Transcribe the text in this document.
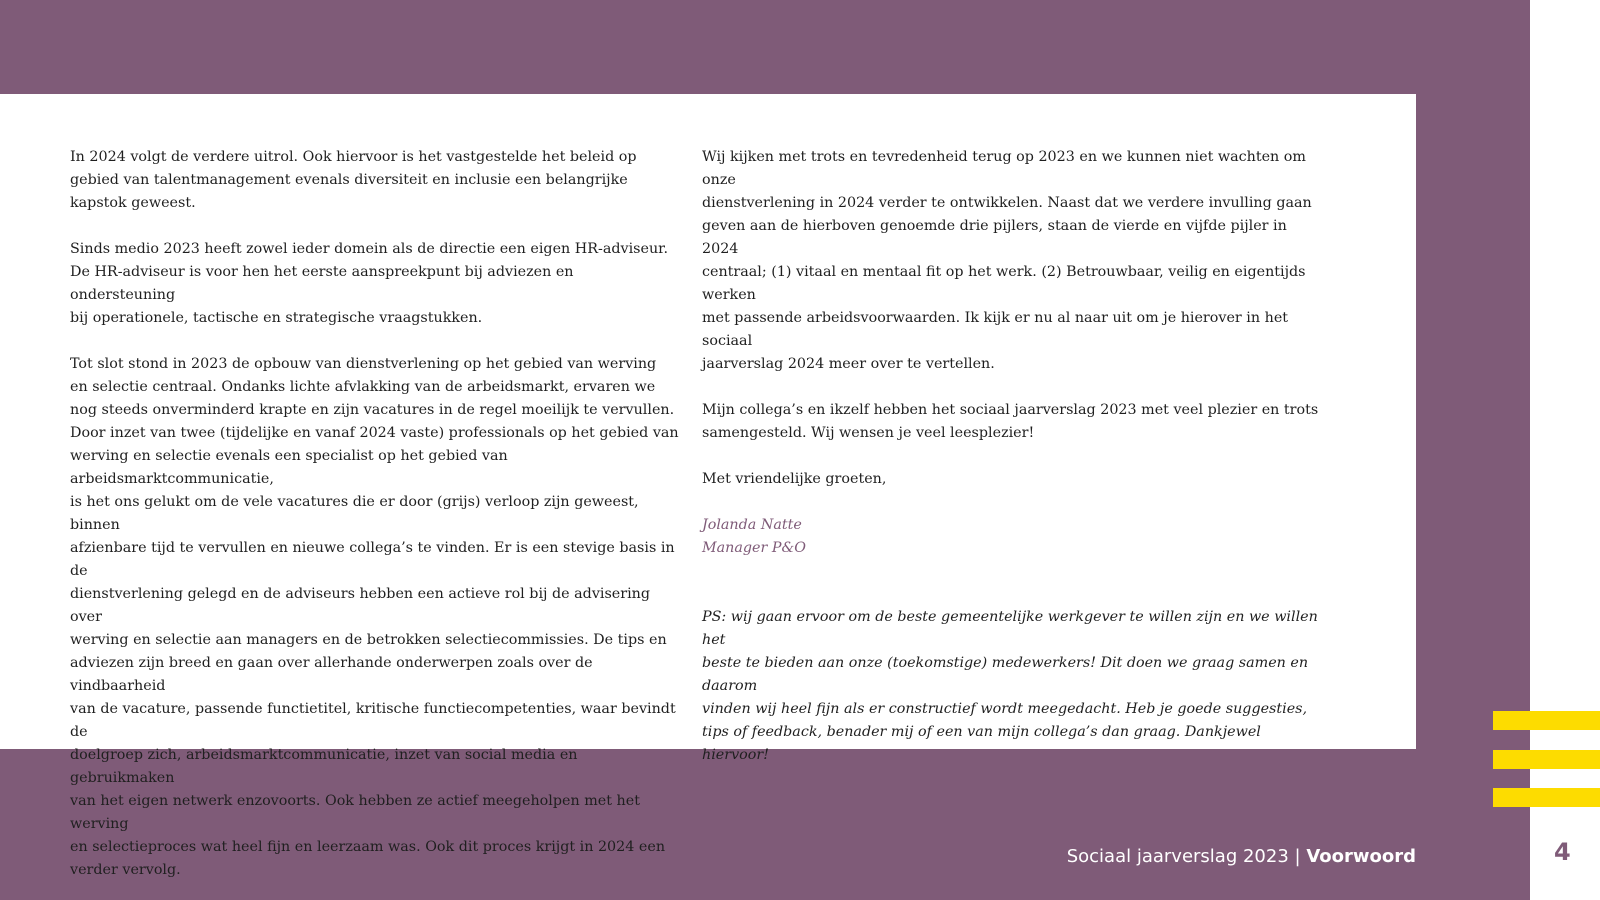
In 2024 volgt de verdere uitrol. Ook hiervoor is het vastgestelde het beleid op
gebied van talentmanagement evenals diversiteit en inclusie een belangrijke
kapstok geweest.

Sinds medio 2023 heeft zowel ieder domein als de directie een eigen HR-adviseur.
De HR-adviseur is voor hen het eerste aanspreekpunt bij adviezen en ondersteuning
bij operationele, tactische en strategische vraagstukken.

Tot slot stond in 2023 de opbouw van dienstverlening op het gebied van werving
en selectie centraal. Ondanks lichte afvlakking van de arbeidsmarkt, ervaren we
nog steeds onverminderd krapte en zijn vacatures in de regel moeilijk te vervullen.
Door inzet van twee (tijdelijke en vanaf 2024 vaste) professionals op het gebied van
werving en selectie evenals een specialist op het gebied van arbeidsmarktcommunicatie,
is het ons gelukt om de vele vacatures die er door (grijs) verloop zijn geweest, binnen
afzienbare tijd te vervullen en nieuwe collega’s te vinden. Er is een stevige basis in de
dienstverlening gelegd en de adviseurs hebben een actieve rol bij de advisering over
werving en selectie aan managers en de betrokken selectiecommissies. De tips en
adviezen zijn breed en gaan over allerhande onderwerpen zoals over de vindbaarheid
van de vacature, passende functietitel, kritische functiecompetenties, waar bevindt de
doelgroep zich, arbeidsmarktcommunicatie, inzet van social media en gebruikmaken
van het eigen netwerk enzovoorts. Ook hebben ze actief meegeholpen met het werving
en selectieproces wat heel fijn en leerzaam was. Ook dit proces krijgt in 2024 een
verder vervolg.

Wij kijken met trots en tevredenheid terug op 2023 en we kunnen niet wachten om onze
dienstverlening in 2024 verder te ontwikkelen. Naast dat we verdere invulling gaan
geven aan de hierboven genoemde drie pijlers, staan de vierde en vijfde pijler in 2024
centraal; (1) vitaal en mentaal fit op het werk. (2) Betrouwbaar, veilig en eigentijds werken
met passende arbeidsvoorwaarden. Ik kijk er nu al naar uit om je hierover in het sociaal
jaarverslag 2024 meer over te vertellen.

Mijn collega’s en ikzelf hebben het sociaal jaarverslag 2023 met veel plezier en trots
samengesteld. Wij wensen je veel leesplezier!

Met vriendelijke groeten,

Jolanda Natte
Manager P&O

PS: wij gaan ervoor om de beste gemeentelijke werkgever te willen zijn en we willen het
beste te bieden aan onze (toekomstige) medewerkers! Dit doen we graag samen en daarom
vinden wij heel fijn als er constructief wordt meegedacht. Heb je goede suggesties,
tips of feedback, benader mij of een van mijn collega’s dan graag. Dankjewel hiervoor!

Sociaal jaarverslag 2023 | Voorwoord	4
